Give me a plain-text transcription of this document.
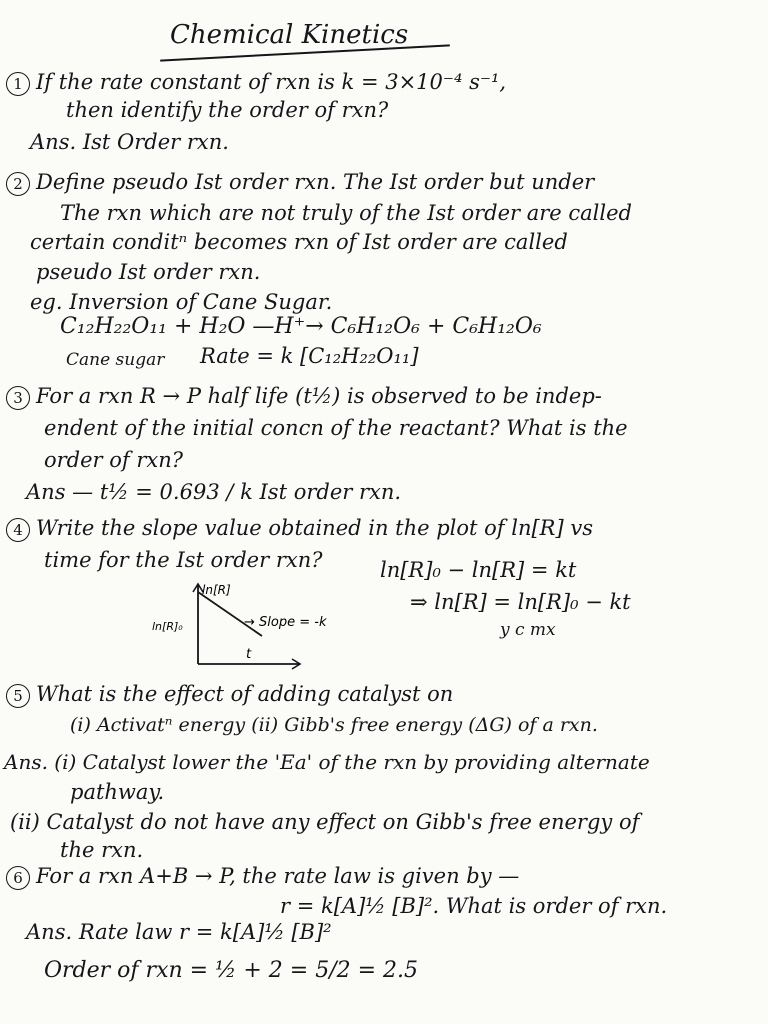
Chemical Kinetics
1 If the rate constant of rxn is k = 3×10⁻⁴ s⁻¹,
then identify the order of rxn?
Ans. Ist Order rxn.
2 Define pseudo Ist order rxn. The Ist order but under
The rxn which are not truly of the Ist order are called
certain conditⁿ becomes rxn of Ist order are called
pseudo Ist order rxn.
eg. Inversion of Cane Sugar.
C₁₂H₂₂O₁₁ + H₂O —H⁺→ C₆H₁₂O₆ + C₆H₁₂O₆
Cane sugar Rate = k [C₁₂H₂₂O₁₁]
3 For a rxn R → P half life (t½) is observed to be indep-
endent of the initial concn of the reactant? What is the
order of rxn?
Ans — t½ = 0.693 / k Ist order rxn.
4 Write the slope value obtained in the plot of ln[R] vs
time for the Ist order rxn?
ln[R]
ln[R]₀	→ Slope = -k
t
ln[R]₀ − ln[R] = kt
⇒ ln[R] = ln[R]₀ − kt
y c mx
5 What is the effect of adding catalyst on
(i) Activatⁿ energy (ii) Gibb's free energy (ΔG) of a rxn.
Ans. (i) Catalyst lower the 'Ea' of the rxn by providing alternate
pathway.
(ii) Catalyst do not have any effect on Gibb's free energy of
the rxn.
6 For a rxn A+B → P, the rate law is given by —
r = k[A]½ [B]². What is order of rxn.
Ans. Rate law r = k[A]½ [B]²
Order of rxn = ½ + 2 = 5/2 = 2.5
